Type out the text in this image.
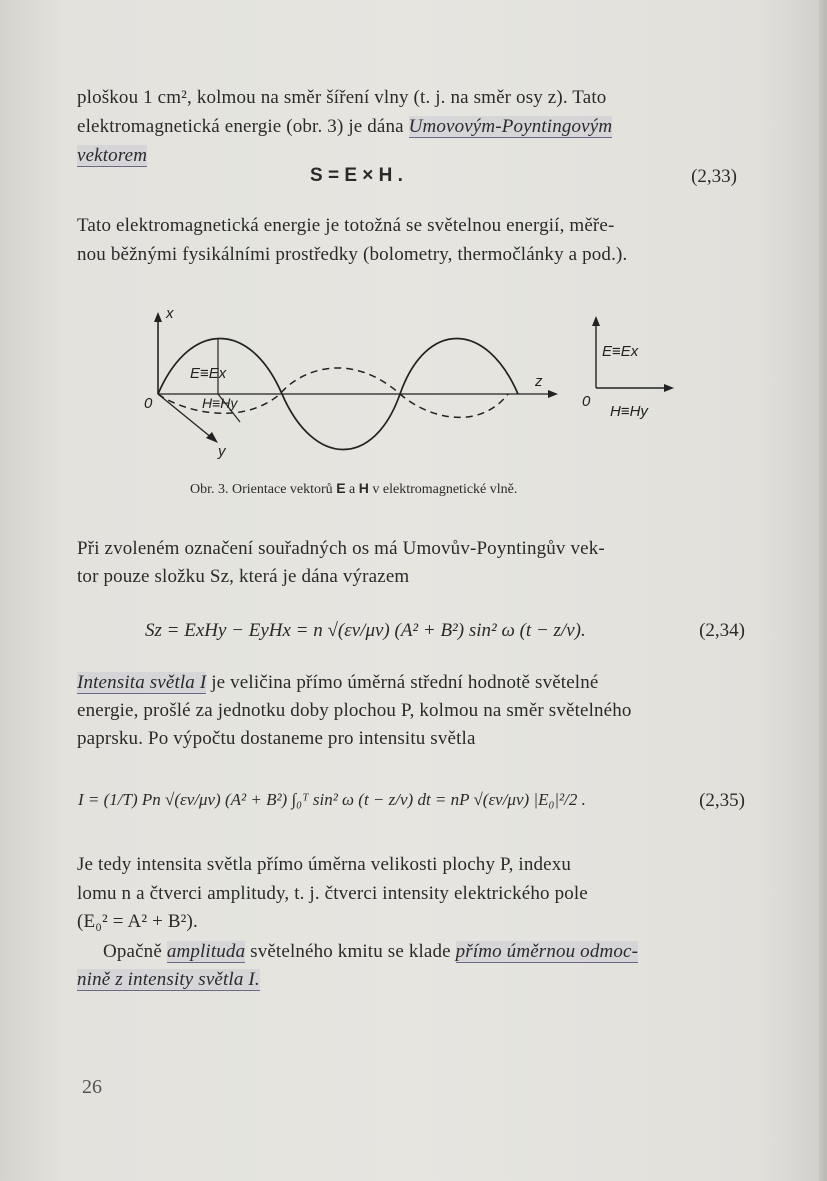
ploškou 1 cm², kolmou na směr šíření vlny (t. j. na směr osy z). Tato
elektromagnetická energie (obr. 3) je dána Umovovým-Poyntingovým
vektorem
S = E × H .	(2,33)
Tato elektromagnetická energie je totožná se světelnou energií, měře-
nou běžnými fysikálními prostředky (bolometry, thermočlánky a pod.).
x
0
y
z
E≡Ex
H≡Hy
E≡Ex
0
H≡Hy
Obr. 3. Orientace vektorů E a H v elektromagnetické vlně.
Při zvoleném označení souřadných os má Umovův-Poyntingův vek-
tor pouze složku Sz, která je dána výrazem
Sz = ExHy − EyHx = n √(εv/μv) (A² + B²) sin² ω (t − z/v).	(2,34)
Intensita světla I je veličina přímo úměrná střední hodnotě světelné
energie, prošlé za jednotku doby plochou P, kolmou na směr světelného
paprsku. Po výpočtu dostaneme pro intensitu světla
I = (1/T) Pn √(εv/μv) (A² + B²) ∫₀ᵀ sin² ω (t − z/v) dt = nP √(εv/μv) |E₀|²/2 .	(2,35)
Je tedy intensita světla přímo úměrna velikosti plochy P, indexu
lomu n a čtverci amplitudy, t. j. čtverci intensity elektrického pole
(E₀² = A² + B²).
Opačně amplituda světelného kmitu se klade přímo úměrnou odmoc-
nině z intensity světla I.
26
